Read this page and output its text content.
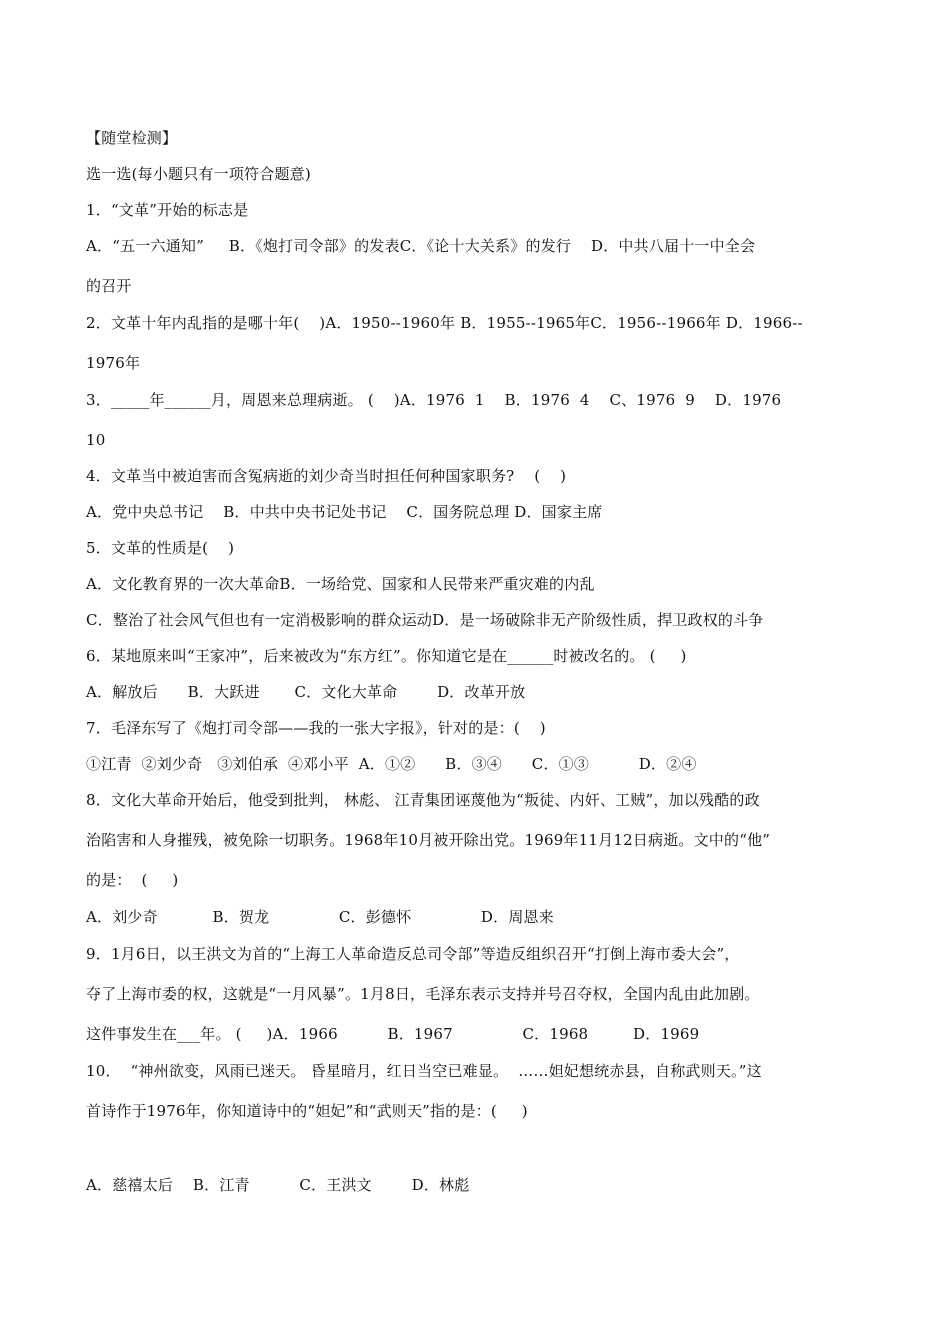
【随堂检测】
选一选(每小题只有一项符合题意)
1．“文革”开始的标志是
A．“五一六通知”     B．《炮打司令部》的发表C．《论十大关系》的发行    D．中共八届十一中全会
的召开
2．文革十年内乱指的是哪十年(    )A．1950--1960年 B．1955--1965年C．1956--1966年 D．1966--
1976年
3．_____年______月，周恩来总理病逝。 (    )A．1976  1    B．1976  4    C、1976  9    D．1976
10
4．文革当中被迫害而含冤病逝的刘少奇当时担任何种国家职务?    (    )
A．党中央总书记    B．中共中央书记处书记    C．国务院总理 D．国家主席
5．文革的性质是(    )
A．文化教育界的一次大革命B．一场给党、国家和人民带来严重灾难的内乱
C．整治了社会风气但也有一定消极影响的群众运动D．是一场破除非无产阶级性质，捍卫政权的斗争
6．某地原来叫“王家冲”，后来被改为“东方红”。你知道它是在______时被改名的。 (     )
A．解放后      B．大跃进       C．文化大革命        D．改革开放
7．毛泽东写了《炮打司令部——我的一张大字报》，针对的是：(    )
①江青  ②刘少奇   ③刘伯承  ④邓小平  A．①②      B．③④      C．①③          D．②④
8．文化大革命开始后，他受到批判， 林彪、 江青集团诬蔑他为“叛徒、内奸、工贼”，加以残酷的政
治陷害和人身摧残，被免除一切职务。1968年10月被开除出党。1969年11月12日病逝。文中的“他”
的是：  (     )
A．刘少奇           B．贺龙              C．彭德怀              D．周恩来
9．1月6日，以王洪文为首的“上海工人革命造反总司令部”等造反组织召开“打倒上海市委大会”，
夺了上海市委的权，这就是“一月风暴”。1月8日，毛泽东表示支持并号召夺权，全国内乱由此加剧。
这件事发生在___年。 (     )A．1966          B．1967              C．1968         D．1969
10．  “神州欲变，风雨已迷天。 昏星暗月，红日当空已难显。  ……妲妃想统赤县，自称武则天。”这
首诗作于1976年，你知道诗中的“妲妃”和“武则天”指的是：(     )
A．慈禧太后    B．江青          C．王洪文        D．林彪
